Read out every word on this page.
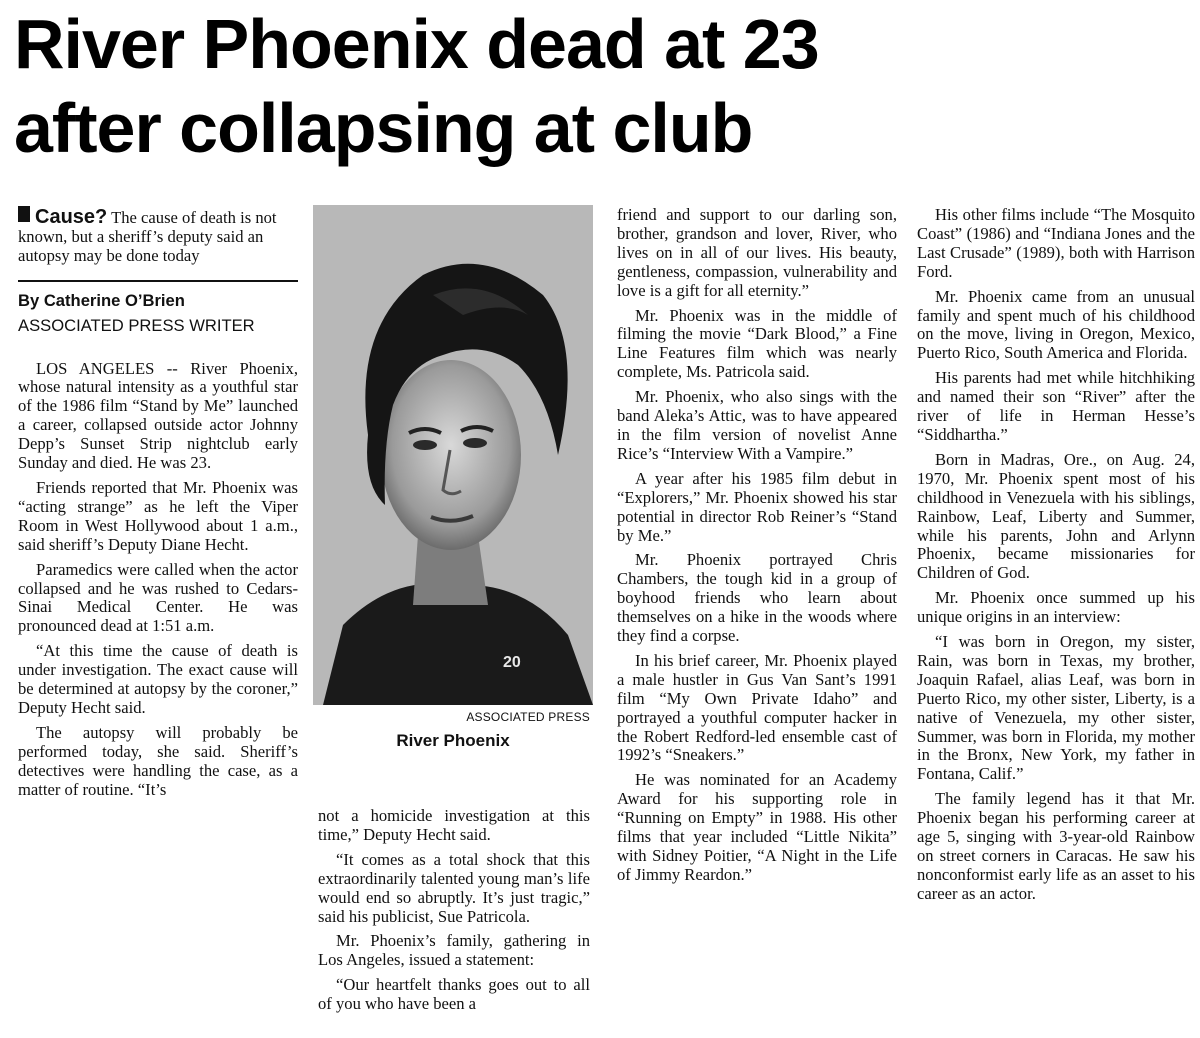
River Phoenix dead at 23
after collapsing at club

Cause? The cause of death is not known, but a sheriff’s deputy said an autopsy may be done today

By Catherine O’Brien

ASSOCIATED PRESS WRITER

LOS ANGELES -- River Phoenix, whose natural intensity as a youthful star of the 1986 film “Stand by Me” launched a career, collapsed outside actor Johnny Depp’s Sunset Strip nightclub early Sunday and died. He was 23.

Friends reported that Mr. Phoenix was “acting strange” as he left the Viper Room in West Hollywood about 1 a.m., said sheriff’s Deputy Diane Hecht.

Paramedics were called when the actor collapsed and he was rushed to Cedars-Sinai Medical Center. He was pronounced dead at 1:51 a.m.

“At this time the cause of death is under investigation. The exact cause will be determined at autopsy by the coroner,” Deputy Hecht said.

The autopsy will probably be performed today, she said. Sheriff’s detectives were handling the case, as a matter of routine. “It’s

20

ASSOCIATED PRESS

River Phoenix

not a homicide investigation at this time,” Deputy Hecht said.

“It comes as a total shock that this extraordinarily talented young man’s life would end so abruptly. It’s just tragic,” said his publicist, Sue Patricola.

Mr. Phoenix’s family, gathering in Los Angeles, issued a statement:

“Our heartfelt thanks goes out to all of you who have been a

friend and support to our darling son, brother, grandson and lover, River, who lives on in all of our lives. His beauty, gentleness, compassion, vulnerability and love is a gift for all eternity.”

Mr. Phoenix was in the middle of filming the movie “Dark Blood,” a Fine Line Features film which was nearly complete, Ms. Patricola said.

Mr. Phoenix, who also sings with the band Aleka’s Attic, was to have appeared in the film version of novelist Anne Rice’s “Interview With a Vampire.”

A year after his 1985 film debut in “Explorers,” Mr. Phoenix showed his star potential in director Rob Reiner’s “Stand by Me.”

Mr. Phoenix portrayed Chris Chambers, the tough kid in a group of boyhood friends who learn about themselves on a hike in the woods where they find a corpse.

In his brief career, Mr. Phoenix played a male hustler in Gus Van Sant’s 1991 film “My Own Private Idaho” and portrayed a youthful computer hacker in the Robert Redford-led ensemble cast of 1992’s “Sneakers.”

He was nominated for an Academy Award for his supporting role in “Running on Empty” in 1988. His other films that year included “Little Nikita” with Sidney Poitier, “A Night in the Life of Jimmy Reardon.”

His other films include “The Mosquito Coast” (1986) and “Indiana Jones and the Last Crusade” (1989), both with Harrison Ford.

Mr. Phoenix came from an unusual family and spent much of his childhood on the move, living in Oregon, Mexico, Puerto Rico, South America and Florida.

His parents had met while hitchhiking and named their son “River” after the river of life in Herman Hesse’s “Siddhartha.”

Born in Madras, Ore., on Aug. 24, 1970, Mr. Phoenix spent most of his childhood in Venezuela with his siblings, Rainbow, Leaf, Liberty and Summer, while his parents, John and Arlynn Phoenix, became missionaries for Children of God.

Mr. Phoenix once summed up his unique origins in an interview:

“I was born in Oregon, my sister, Rain, was born in Texas, my brother, Joaquin Rafael, alias Leaf, was born in Puerto Rico, my other sister, Liberty, is a native of Venezuela, my other sister, Summer, was born in Florida, my mother in the Bronx, New York, my father in Fontana, Calif.”

The family legend has it that Mr. Phoenix began his performing career at age 5, singing with 3-year-old Rainbow on street corners in Caracas. He saw his nonconformist early life as an asset to his career as an actor.
